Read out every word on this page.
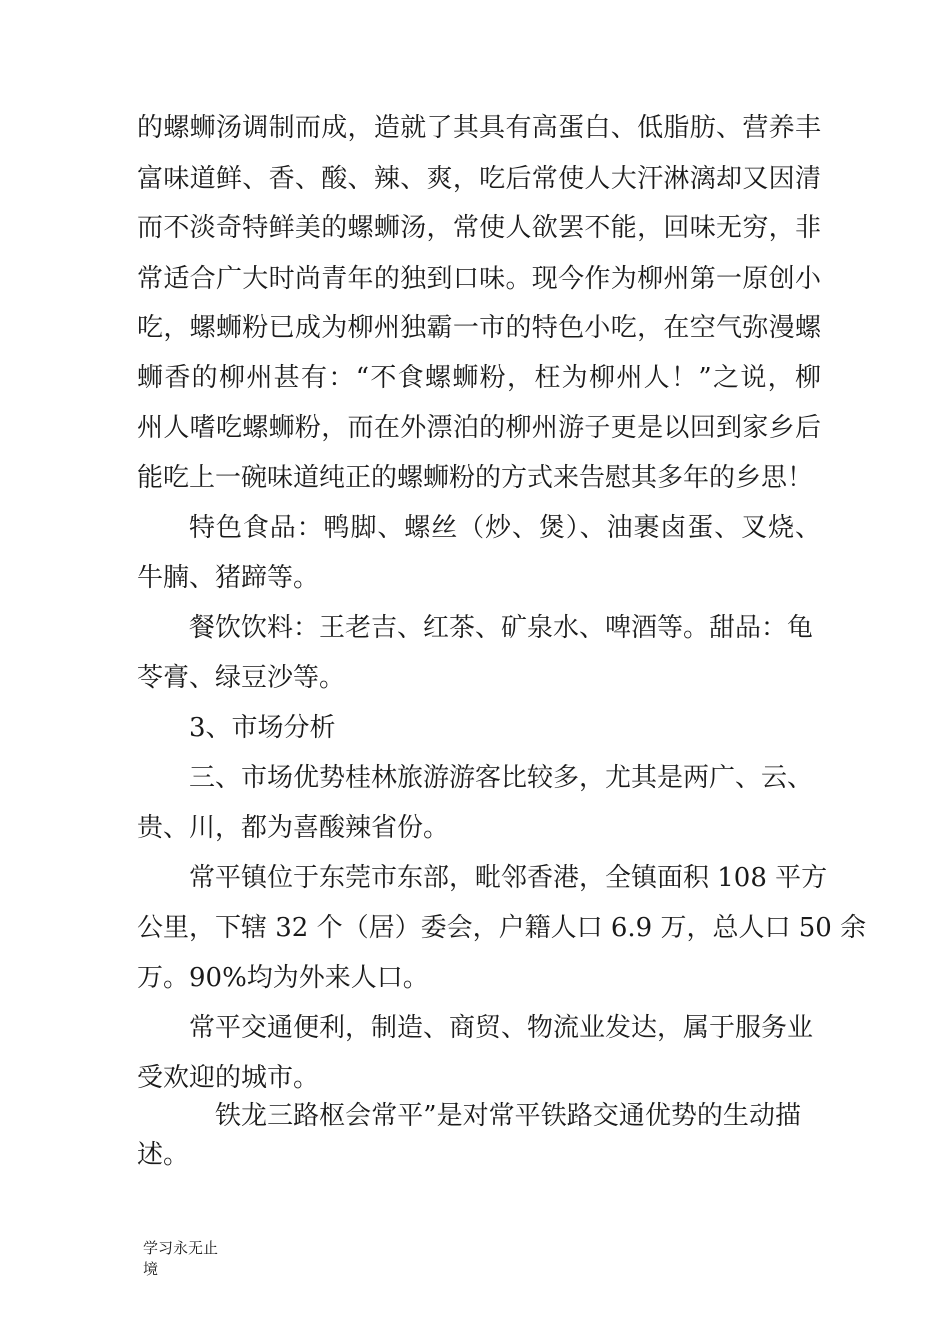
的螺蛳汤调制而成，造就了其具有高蛋白、低脂肪、营养丰
富味道鲜、香、酸、辣、爽，吃后常使人大汗淋漓却又因清
而不淡奇特鲜美的螺蛳汤，常使人欲罢不能，回味无穷，非
常适合广大时尚青年的独到口味。现今作为柳州第一原创小
吃，螺蛳粉已成为柳州独霸一市的特色小吃，在空气弥漫螺
蛳香的柳州甚有：“不食螺蛳粉，枉为柳州人！”之说，柳
州人嗜吃螺蛳粉，而在外漂泊的柳州游子更是以回到家乡后
能吃上一碗味道纯正的螺蛳粉的方式来告慰其多年的乡思！
特色食品：鸭脚、螺丝（炒、煲）、油裹卤蛋、叉烧、
牛腩、猪蹄等。
餐饮饮料：王老吉、红茶、矿泉水、啤酒等。甜品：龟
苓膏、绿豆沙等。
3、市场分析
三、市场优势桂林旅游游客比较多，尤其是两广、云、
贵、川，都为喜酸辣省份。
常平镇位于东莞市东部，毗邻香港，全镇面积 108 平方
公里，下辖 32 个（居）委会，户籍人口 6.9 万，总人口 50 余
万。90%均为外来人口。
常平交通便利，制造、商贸、物流业发达，属于服务业
受欢迎的城市。
铁龙三路枢会常平”是对常平铁路交通优势的生动描
述。
学习永无止
境
